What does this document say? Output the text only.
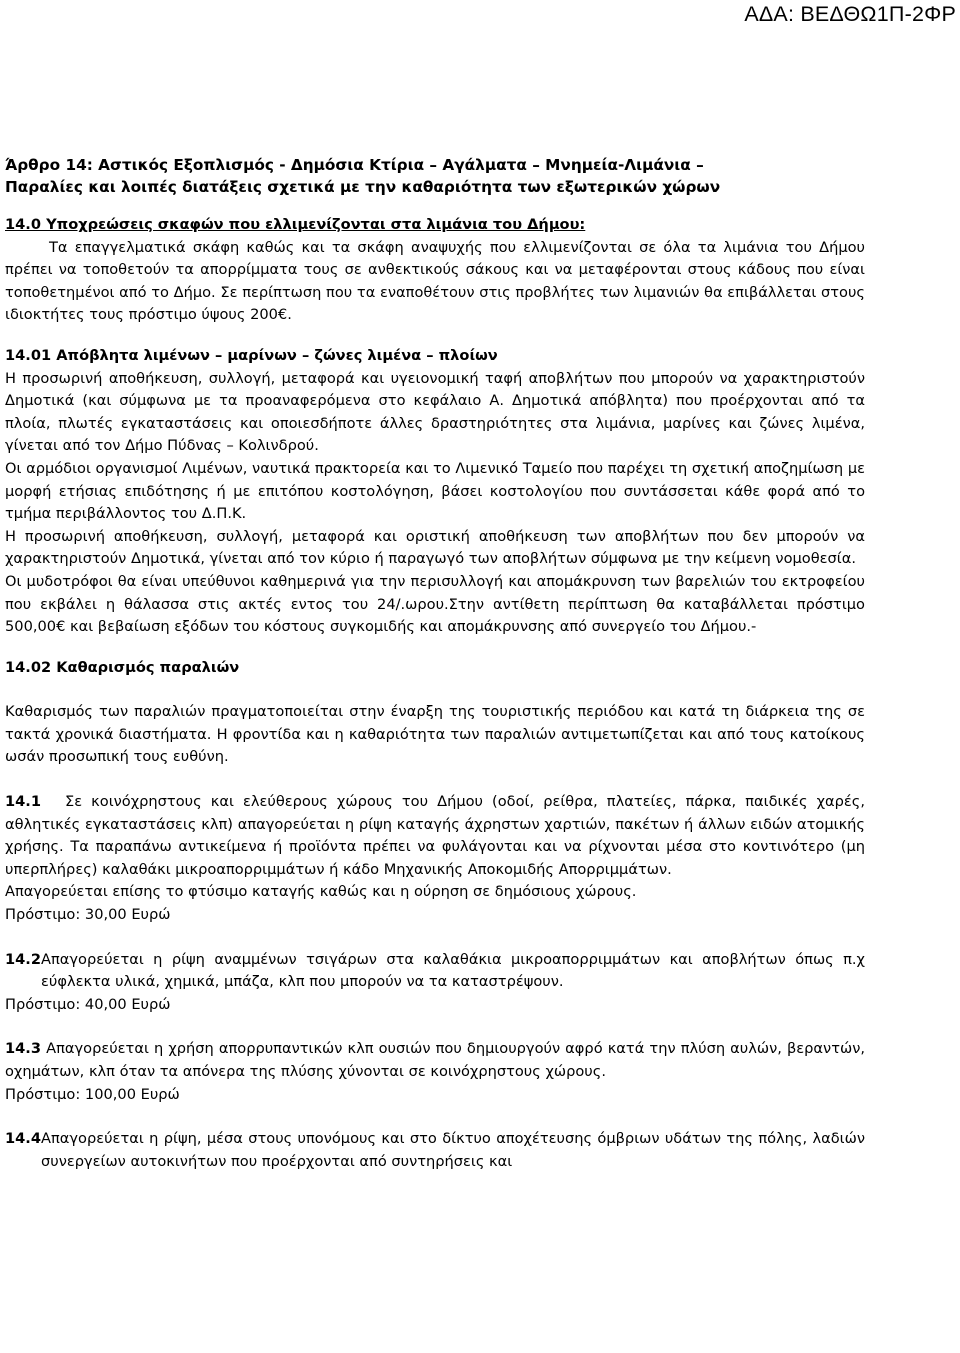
ΑΔΑ: ΒΕΔΘΩ1Π-2ΦΡ
Άρθρο 14: Αστικός Εξοπλισμός - Δημόσια Κτίρια – Αγάλματα – Μνημεία-Λιμάνια –
Παραλίες και λοιπές διατάξεις σχετικά με την καθαριότητα των εξωτερικών χώρων
14.0 Υποχρεώσεις σκαφών που ελλιμενίζονται στα λιμάνια του Δήμου:

Τα επαγγελματικά σκάφη καθώς και τα σκάφη αναψυχής που ελλιμενίζονται σε όλα τα λιμάνια του Δήμου πρέπει να τοποθετούν τα απορρίμματα τους σε ανθεκτικούς σάκους και να μεταφέρονται στους κάδους που είναι τοποθετημένοι από το Δήμο. Σε περίπτωση που τα εναποθέτουν στις προβλήτες των λιμανιών θα επιβάλλεται στους ιδιοκτήτες τους πρόστιμο ύψους 200€.

14.01 Απόβλητα λιμένων – μαρίνων – ζώνες λιμένα – πλοίων

Η προσωρινή αποθήκευση, συλλογή, μεταφορά και υγειονομική ταφή αποβλήτων που μπορούν να χαρακτηριστούν Δημοτικά (και σύμφωνα με τα προαναφερόμενα στο κεφάλαιο Α. Δημοτικά απόβλητα) που προέρχονται από τα πλοία, πλωτές εγκαταστάσεις και οποιεσδήποτε άλλες δραστηριότητες στα λιμάνια, μαρίνες και ζώνες λιμένα, γίνεται από τον Δήμο Πύδνας – Κολινδρού.

Οι αρμόδιοι οργανισμοί Λιμένων, ναυτικά πρακτορεία και το Λιμενικό Ταμείο που παρέχει τη σχετική αποζημίωση με μορφή ετήσιας επιδότησης ή με επιτόπου κοστολόγηση, βάσει κοστολογίου που συντάσσεται κάθε φορά από το τμήμα περιβάλλοντος του Δ.Π.Κ.

Η προσωρινή αποθήκευση, συλλογή, μεταφορά και οριστική αποθήκευση των αποβλήτων που δεν μπορούν να χαρακτηριστούν Δημοτικά, γίνεται από τον κύριο ή παραγωγό των αποβλήτων σύμφωνα με την κείμενη νομοθεσία.

Οι μυδοτρόφοι θα είναι υπεύθυνοι καθημερινά για την περισυλλογή και απομάκρυνση των βαρελιών του εκτροφείου που εκβάλει η θάλασσα στις ακτές εντος του 24/.ωρου.Στην αντίθετη περίπτωση θα καταβάλλεται πρόστιμο 500,00€ και βεβαίωση εξόδων του κόστους συγκομιδής και απομάκρυνσης από συνεργείο του Δήμου.-

14.02 Καθαρισμός παραλιών

Καθαρισμός των παραλιών πραγματοποιείται στην έναρξη της τουριστικής περιόδου και κατά τη διάρκεια της σε τακτά χρονικά διαστήματα. Η φροντίδα και η καθαριότητα των παραλιών αντιμετωπίζεται και από τους κατοίκους ωσάν προσωπική τους ευθύνη.

14.1	Σε κοινόχρηστους και ελεύθερους χώρους του Δήμου (οδοί, ρείθρα, πλατείες, πάρκα, παιδικές χαρές, αθλητικές εγκαταστάσεις κλπ) απαγορεύεται η ρίψη καταγής άχρηστων χαρτιών, πακέτων ή άλλων ειδών ατομικής χρήσης. Τα παραπάνω αντικείμενα ή προϊόντα πρέπει να φυλάγονται και να ρίχνονται μέσα στο κοντινότερο (μη υπερπλήρες) καλαθάκι μικροαπορριμμάτων ή κάδο Μηχανικής Αποκομιδής Απορριμμάτων.

Απαγορεύεται επίσης το φτύσιμο καταγής καθώς και η ούρηση σε δημόσιους χώρους.

Πρόστιμο: 30,00 Ευρώ

14.2 Απαγορεύεται η ρίψη αναμμένων τσιγάρων στα καλαθάκια μικροαπορριμμάτων και αποβλήτων όπως π.χ εύφλεκτα υλικά, χημικά, μπάζα, κλπ που μπορούν να τα καταστρέψουν.

Πρόστιμο: 40,00 Ευρώ

14.3 Απαγορεύεται η χρήση απορρυπαντικών κλπ ουσιών που δημιουργούν αφρό κατά την πλύση αυλών, βεραντών, οχημάτων, κλπ όταν τα απόνερα της πλύσης χύνονται σε κοινόχρηστους χώρους.

Πρόστιμο: 100,00 Ευρώ

14.4 Απαγορεύεται η ρίψη, μέσα στους υπονόμους και στο δίκτυο αποχέτευσης όμβριων υδάτων της πόλης, λαδιών συνεργείων αυτοκινήτων που προέρχονται από συντηρήσεις και
